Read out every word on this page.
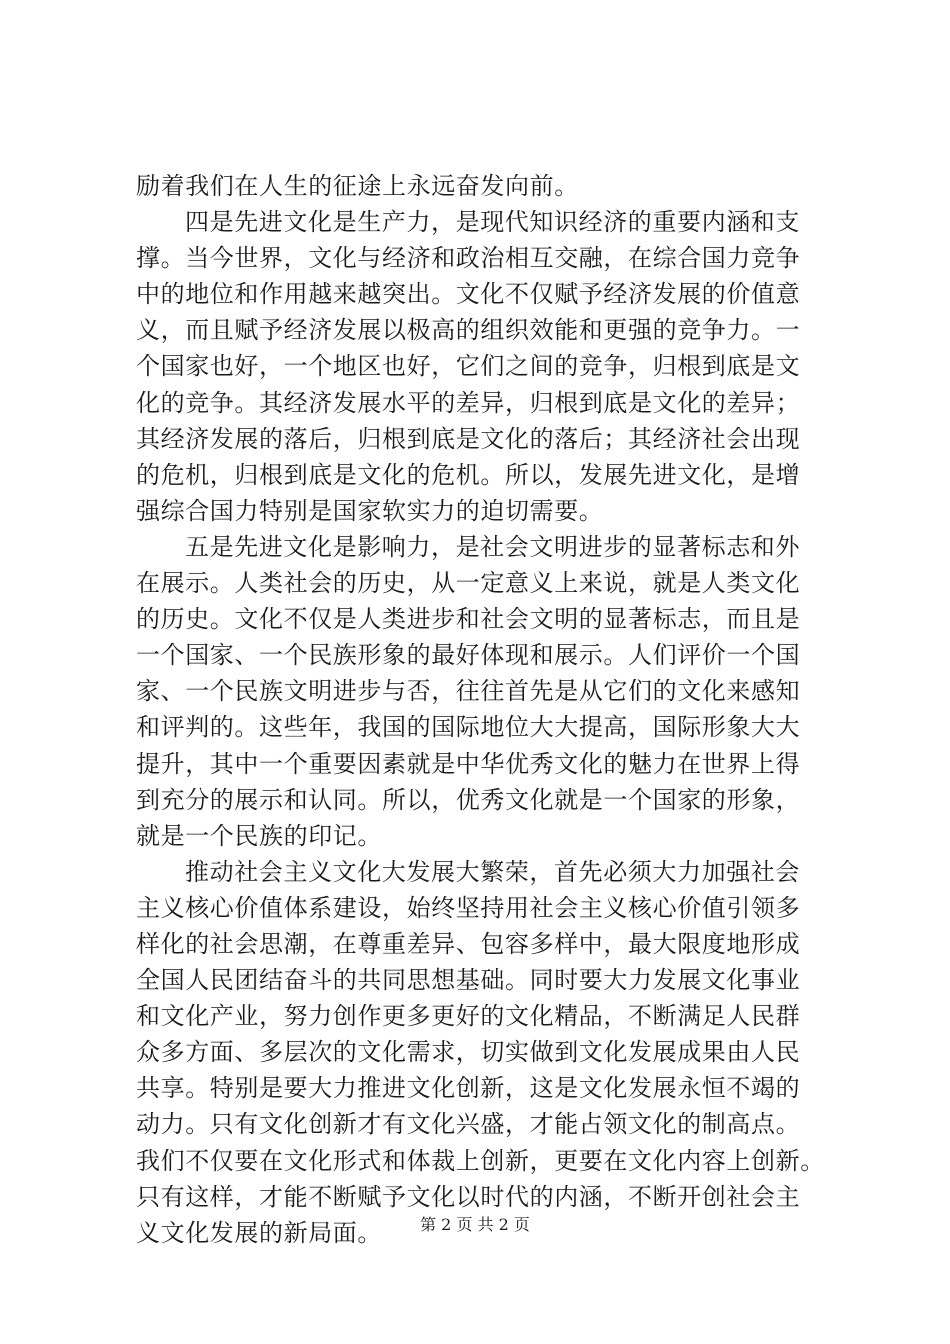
励着我们在人生的征途上永远奋发向前。
四是先进文化是生产力，是现代知识经济的重要内涵和支
撑。当今世界，文化与经济和政治相互交融，在综合国力竞争
中的地位和作用越来越突出。文化不仅赋予经济发展的价值意
义，而且赋予经济发展以极高的组织效能和更强的竞争力。一
个国家也好，一个地区也好，它们之间的竞争，归根到底是文
化的竞争。其经济发展水平的差异，归根到底是文化的差异；
其经济发展的落后，归根到底是文化的落后；其经济社会出现
的危机，归根到底是文化的危机。所以，发展先进文化，是增
强综合国力特别是国家软实力的迫切需要。
五是先进文化是影响力，是社会文明进步的显著标志和外
在展示。人类社会的历史，从一定意义上来说，就是人类文化
的历史。文化不仅是人类进步和社会文明的显著标志，而且是
一个国家、一个民族形象的最好体现和展示。人们评价一个国
家、一个民族文明进步与否，往往首先是从它们的文化来感知
和评判的。这些年，我国的国际地位大大提高，国际形象大大
提升，其中一个重要因素就是中华优秀文化的魅力在世界上得
到充分的展示和认同。所以，优秀文化就是一个国家的形象，
就是一个民族的印记。
推动社会主义文化大发展大繁荣，首先必须大力加强社会
主义核心价值体系建设，始终坚持用社会主义核心价值引领多
样化的社会思潮，在尊重差异、包容多样中，最大限度地形成
全国人民团结奋斗的共同思想基础。同时要大力发展文化事业
和文化产业，努力创作更多更好的文化精品，不断满足人民群
众多方面、多层次的文化需求，切实做到文化发展成果由人民
共享。特别是要大力推进文化创新，这是文化发展永恒不竭的
动力。只有文化创新才有文化兴盛，才能占领文化的制高点。
我们不仅要在文化形式和体裁上创新，更要在文化内容上创新。
只有这样，才能不断赋予文化以时代的内涵，不断开创社会主
义文化发展的新局面。	第 2 页 共 2 页
